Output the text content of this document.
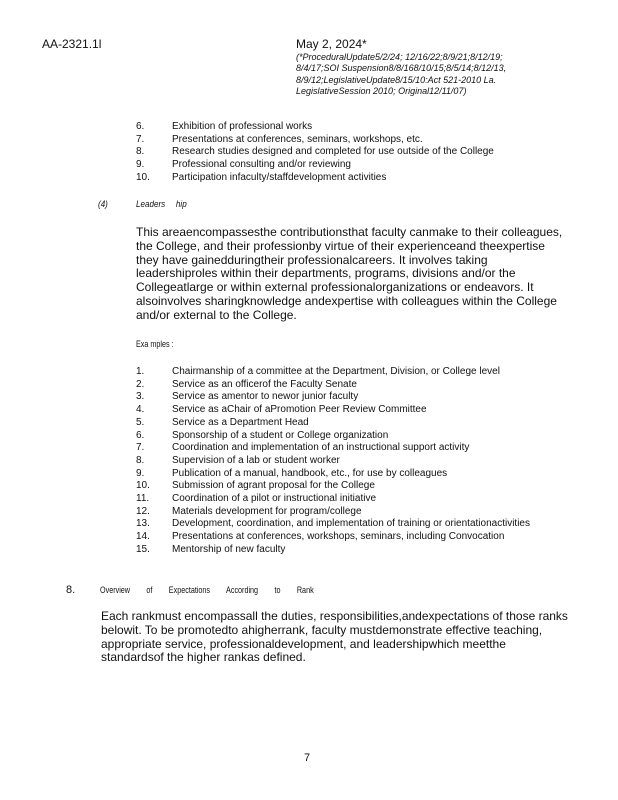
AA-2321.1l	May 2, 2024*
(*ProceduralUpdate5/2/24; 12/16/22;8/9/21;8/12/19; 8/4/17;SOI Suspension8/8/168/10/15;8/5/14;8/12/13, 8/9/12;LegislativeUpdate8/15/10:Act 521-2010 La. LegislativeSession 2010; Original12/11/07)
6.	Exhibition of professional works
7.	Presentations at conferences, seminars, workshops, etc.
8.	Research studies designed and completed for use outside of the College
9.	Professional consulting and/or reviewing
10.	Participation infaculty/staffdevelopment activities
(4)	Leaders hip
This areaencompassesthe contributionsthat faculty canmake to their colleagues, the College, and their professionby virtue of their experienceand theexpertise they have gainedduringtheir professionalcareers. It involves taking leadershiproles within their departments, programs, divisions and/or the Collegeatlarge or within external professionalorganizations or endeavors. It alsoinvolves sharingknowledge andexpertise with colleagues within the College and/or external to the College.
Exa mples :
1.	Chairmanship of a committee at the Department, Division, or College level
2.	Service as an officerof the Faculty Senate
3.	Service as amentor to newor junior faculty
4.	Service as aChair of aPromotion Peer Review Committee
5.	Service as a Department Head
6.	Sponsorship of a student or College organization
7.	Coordination and implementation of an instructional support activity
8.	Supervision of a lab or student worker
9.	Publication of a manual, handbook, etc., for use by colleagues
10.	Submission of agrant proposal for the College
11.	Coordination of a pilot or instructional initiative
12.	Materials development for program/college
13.	Development, coordination, and implementation of training or orientationactivities
14.	Presentations at conferences, workshops, seminars, including Convocation
15.	Mentorship of new faculty
8.	Overview of Expectations According to Rank
Each rankmust encompassall the duties, responsibilities,andexpectations of those ranks belowit. To be promotedto ahigherrank, faculty mustdemonstrate effective teaching, appropriate service, professionaldevelopment, and leadershipwhich meetthe standardsof the higher rankas defined.
7
